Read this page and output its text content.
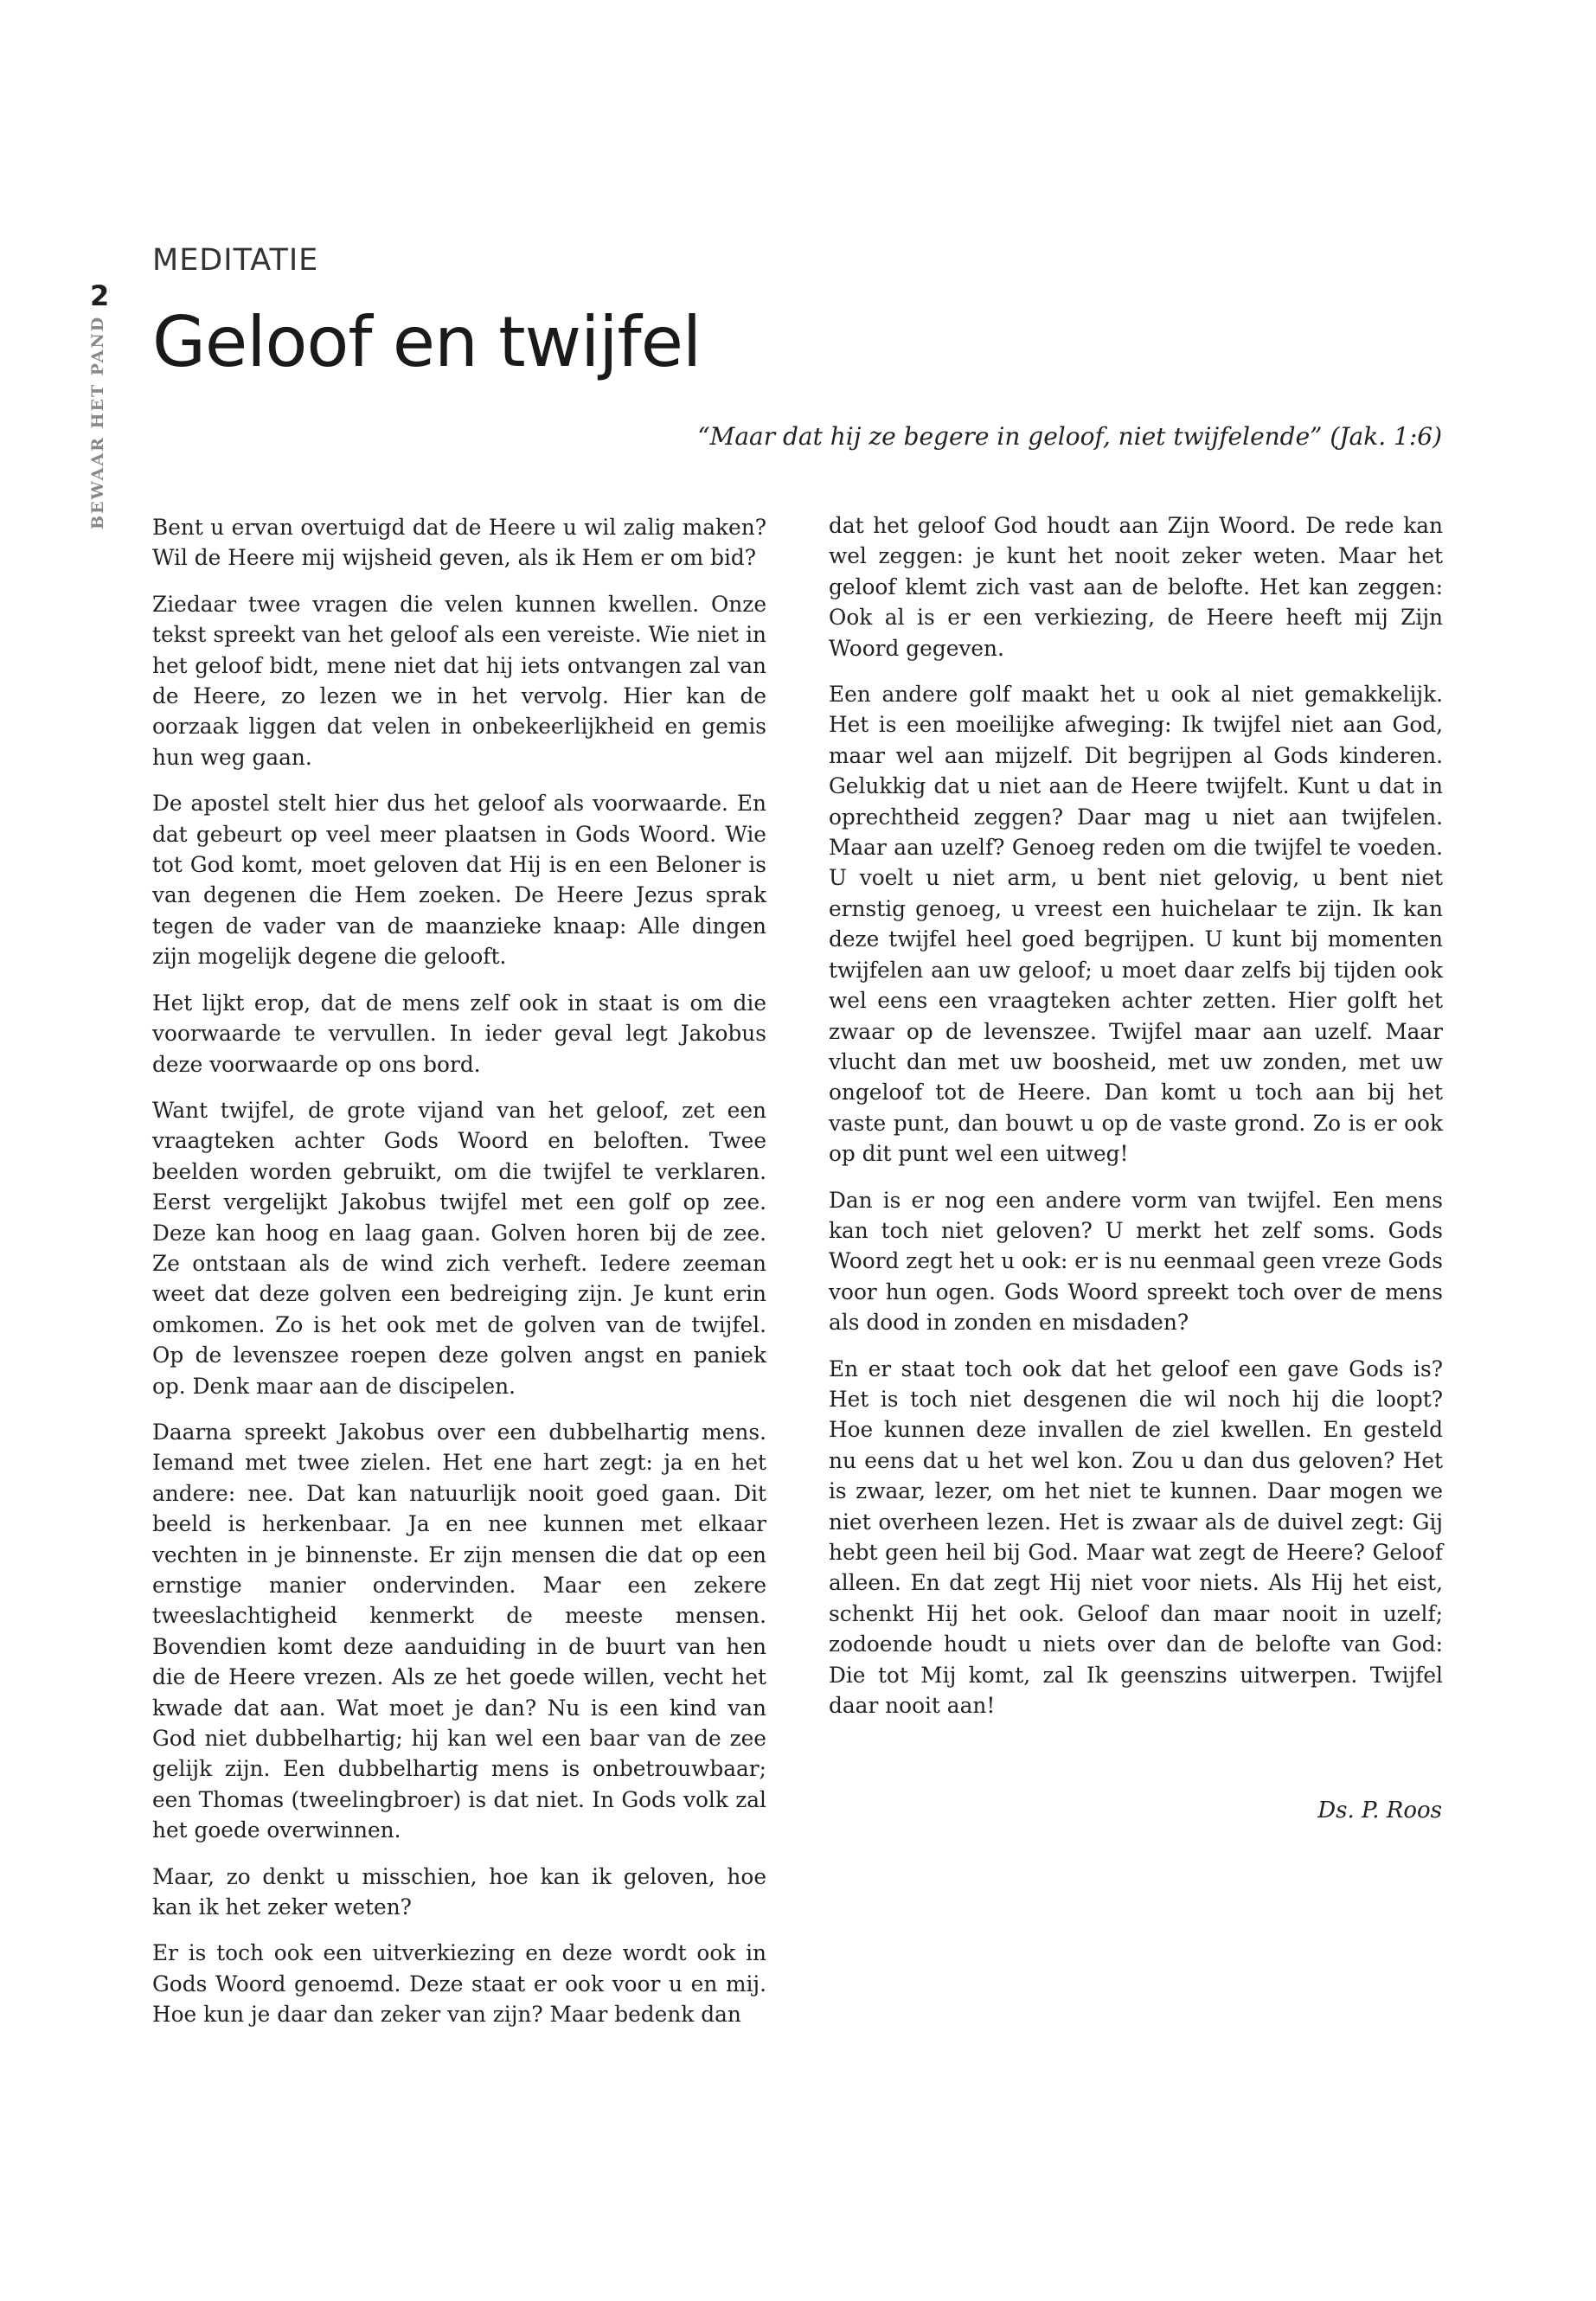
2
BEWAAR HET PAND
MEDITATIE
Geloof en twijfel
“Maar dat hij ze begere in geloof, niet twijfelende” (Jak. 1:6)

Bent u ervan overtuigd dat de Heere u wil zalig maken? Wil de Heere mij wijsheid geven, als ik Hem er om bid?

Ziedaar twee vragen die velen kunnen kwellen. Onze tekst spreekt van het geloof als een vereiste. Wie niet in het geloof bidt, mene niet dat hij iets ontvangen zal van de Heere, zo lezen we in het vervolg. Hier kan de oorzaak liggen dat velen in onbekeerlijkheid en gemis hun weg gaan.

De apostel stelt hier dus het geloof als voorwaarde. En dat gebeurt op veel meer plaatsen in Gods Woord. Wie tot God komt, moet geloven dat Hij is en een Beloner is van degenen die Hem zoeken. De Heere Jezus sprak tegen de vader van de maanzieke knaap: Alle dingen zijn mogelijk degene die gelooft.

Het lijkt erop, dat de mens zelf ook in staat is om die voorwaarde te vervullen. In ieder geval legt Jakobus deze voorwaarde op ons bord.

Want twijfel, de grote vijand van het geloof, zet een vraagteken achter Gods Woord en beloften. Twee beelden worden gebruikt, om die twijfel te verklaren. Eerst vergelijkt Jakobus twijfel met een golf op zee. Deze kan hoog en laag gaan. Golven horen bij de zee. Ze ontstaan als de wind zich verheft. Iedere zeeman weet dat deze golven een bedreiging zijn. Je kunt erin omkomen. Zo is het ook met de golven van de twijfel. Op de levenszee roepen deze golven angst en paniek op. Denk maar aan de discipelen.

Daarna spreekt Jakobus over een dubbelhartig mens. Iemand met twee zielen. Het ene hart zegt: ja en het andere: nee. Dat kan natuurlijk nooit goed gaan. Dit beeld is herkenbaar. Ja en nee kunnen met elkaar vechten in je binnenste. Er zijn mensen die dat op een ernstige manier ondervinden. Maar een zekere tweeslachtigheid kenmerkt de meeste mensen. Bovendien komt deze aanduiding in de buurt van hen die de Heere vrezen. Als ze het goede willen, vecht het kwade dat aan. Wat moet je dan? Nu is een kind van God niet dubbelhartig; hij kan wel een baar van de zee gelijk zijn. Een dubbelhartig mens is onbetrouwbaar; een Thomas (tweelingbroer) is dat niet. In Gods volk zal het goede overwinnen.

Maar, zo denkt u misschien, hoe kan ik geloven, hoe kan ik het zeker weten?

Er is toch ook een uitverkiezing en deze wordt ook in Gods Woord genoemd. Deze staat er ook voor u en mij. Hoe kun je daar dan zeker van zijn? Maar bedenk dan

dat het geloof God houdt aan Zijn Woord. De rede kan wel zeggen: je kunt het nooit zeker weten. Maar het geloof klemt zich vast aan de belofte. Het kan zeggen: Ook al is er een verkiezing, de Heere heeft mij Zijn Woord gegeven.

Een andere golf maakt het u ook al niet gemakkelijk. Het is een moeilijke afweging: Ik twijfel niet aan God, maar wel aan mijzelf. Dit begrijpen al Gods kinderen. Gelukkig dat u niet aan de Heere twijfelt. Kunt u dat in oprechtheid zeggen? Daar mag u niet aan twijfelen. Maar aan uzelf? Genoeg reden om die twijfel te voeden. U voelt u niet arm, u bent niet gelovig, u bent niet ernstig genoeg, u vreest een huichelaar te zijn. Ik kan deze twijfel heel goed begrijpen. U kunt bij momenten twijfelen aan uw geloof; u moet daar zelfs bij tijden ook wel eens een vraagteken achter zetten. Hier golft het zwaar op de levenszee. Twijfel maar aan uzelf. Maar vlucht dan met uw boosheid, met uw zonden, met uw ongeloof tot de Heere. Dan komt u toch aan bij het vaste punt, dan bouwt u op de vaste grond. Zo is er ook op dit punt wel een uitweg!

Dan is er nog een andere vorm van twijfel. Een mens kan toch niet geloven? U merkt het zelf soms. Gods Woord zegt het u ook: er is nu eenmaal geen vreze Gods voor hun ogen. Gods Woord spreekt toch over de mens als dood in zonden en misdaden?

En er staat toch ook dat het geloof een gave Gods is? Het is toch niet desgenen die wil noch hij die loopt? Hoe kunnen deze invallen de ziel kwellen. En gesteld nu eens dat u het wel kon. Zou u dan dus geloven? Het is zwaar, lezer, om het niet te kunnen. Daar mogen we niet overheen lezen. Het is zwaar als de duivel zegt: Gij hebt geen heil bij God. Maar wat zegt de Heere? Geloof alleen. En dat zegt Hij niet voor niets. Als Hij het eist, schenkt Hij het ook. Geloof dan maar nooit in uzelf; zodoende houdt u niets over dan de belofte van God: Die tot Mij komt, zal Ik geenszins uitwerpen. Twijfel daar nooit aan!

Ds. P. Roos
